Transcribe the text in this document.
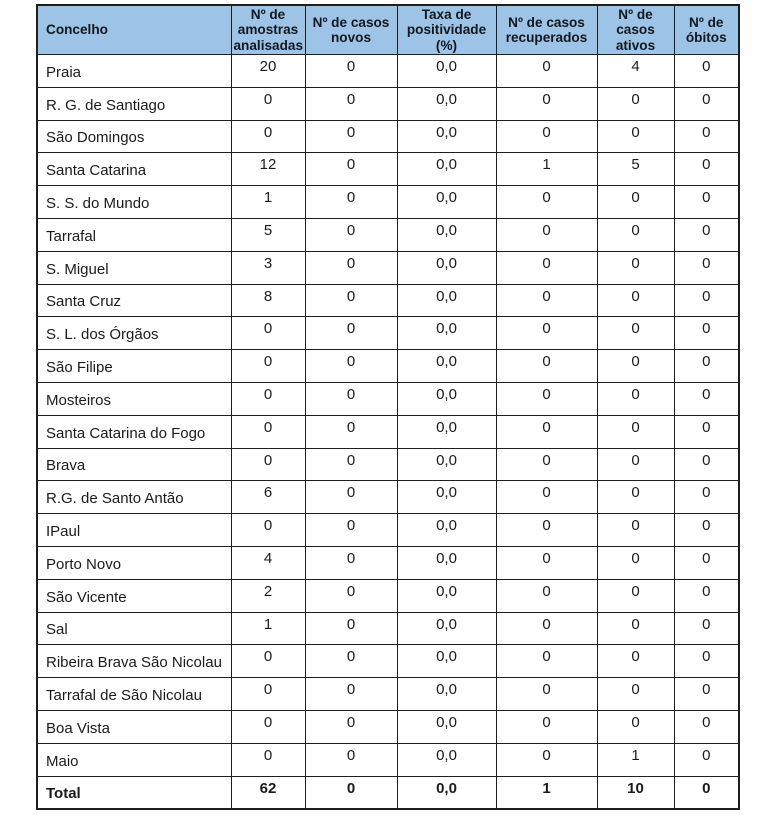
Concelho	Nº de amostras analisadas	Nº de casos novos	Taxa de positividade (%)	Nº de casos recuperados	Nº de casos ativos	Nº de óbitos
Praia	20	0	0,0	0	4	0
R. G. de Santiago	0	0	0,0	0	0	0
São Domingos	0	0	0,0	0	0	0
Santa Catarina	12	0	0,0	1	5	0
S. S. do Mundo	1	0	0,0	0	0	0
Tarrafal	5	0	0,0	0	0	0
S. Miguel	3	0	0,0	0	0	0
Santa Cruz	8	0	0,0	0	0	0
S. L. dos Órgãos	0	0	0,0	0	0	0
São Filipe	0	0	0,0	0	0	0
Mosteiros	0	0	0,0	0	0	0
Santa Catarina do Fogo	0	0	0,0	0	0	0
Brava	0	0	0,0	0	0	0
R.G. de Santo Antão	6	0	0,0	0	0	0
IPaul	0	0	0,0	0	0	0
Porto Novo	4	0	0,0	0	0	0
São Vicente	2	0	0,0	0	0	0
Sal	1	0	0,0	0	0	0
Ribeira Brava São Nicolau	0	0	0,0	0	0	0
Tarrafal de São Nicolau	0	0	0,0	0	0	0
Boa Vista	0	0	0,0	0	0	0
Maio	0	0	0,0	0	1	0
Total	62	0	0,0	1	10	0
